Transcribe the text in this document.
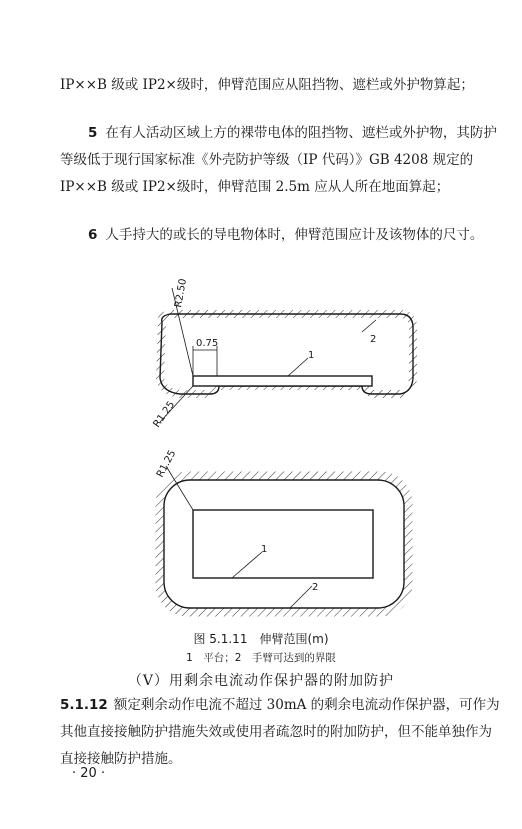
IP××B 级或 IP2×级时，伸臂范围应从阻挡物、遮栏或外护物算起；

5 在有人活动区域上方的裸带电体的阻挡物、遮栏或外护物，其防护等级低于现行国家标准《外壳防护等级（IP 代码）》GB 4208 规定的 IP××B 级或 IP2×级时，伸臂范围 2.5m 应从人所在地面算起；

6 人手持大的或长的导电物体时，伸臂范围应计及该物体的尺寸。

R2.50
0.75
R1.25
1
2
R1.25
1
2

图 5.1.11　伸臂范围(m)

1　平台；2　手臂可达到的界限

（Ⅴ）用剩余电流动作保护器的附加防护

5.1.12 额定剩余动作电流不超过 30mA 的剩余电流动作保护器，可作为其他直接接触防护措施失效或使用者疏忽时的附加防护，但不能单独作为直接接触防护措施。

· 20 ·
